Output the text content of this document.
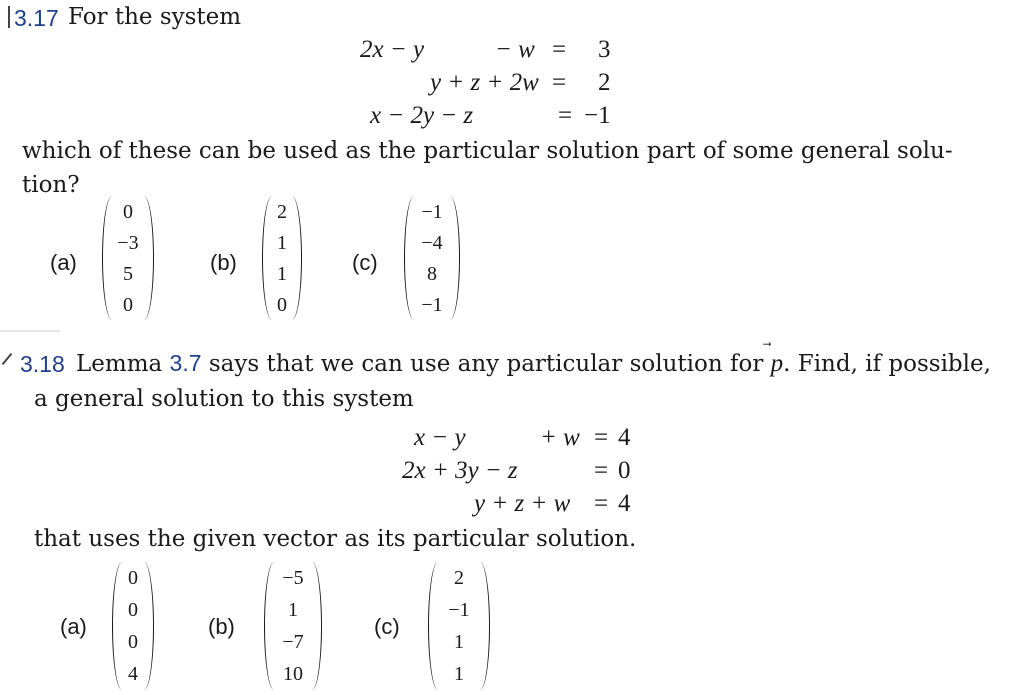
3.17 For the system
2x − y	− w = 3
y + z + 2w = 2
x − 2y − z	= −1
which of these can be used as the particular solution part of some general solu-
tion?
(a)
0
−3
5
0
(b)
2
1
1
0
(c)
−1
−4
8
−1
3.18 Lemma 3.7 says that we can use any particular solution for p. Find, if possible,
a general solution to this system
x − y	+ w = 4
2x + 3y − z	= 0
y + z + w = 4
that uses the given vector as its particular solution.
(a)
0
0
0
4
(b)
−5
1
−7
10
(c)
2
−1
1
1
